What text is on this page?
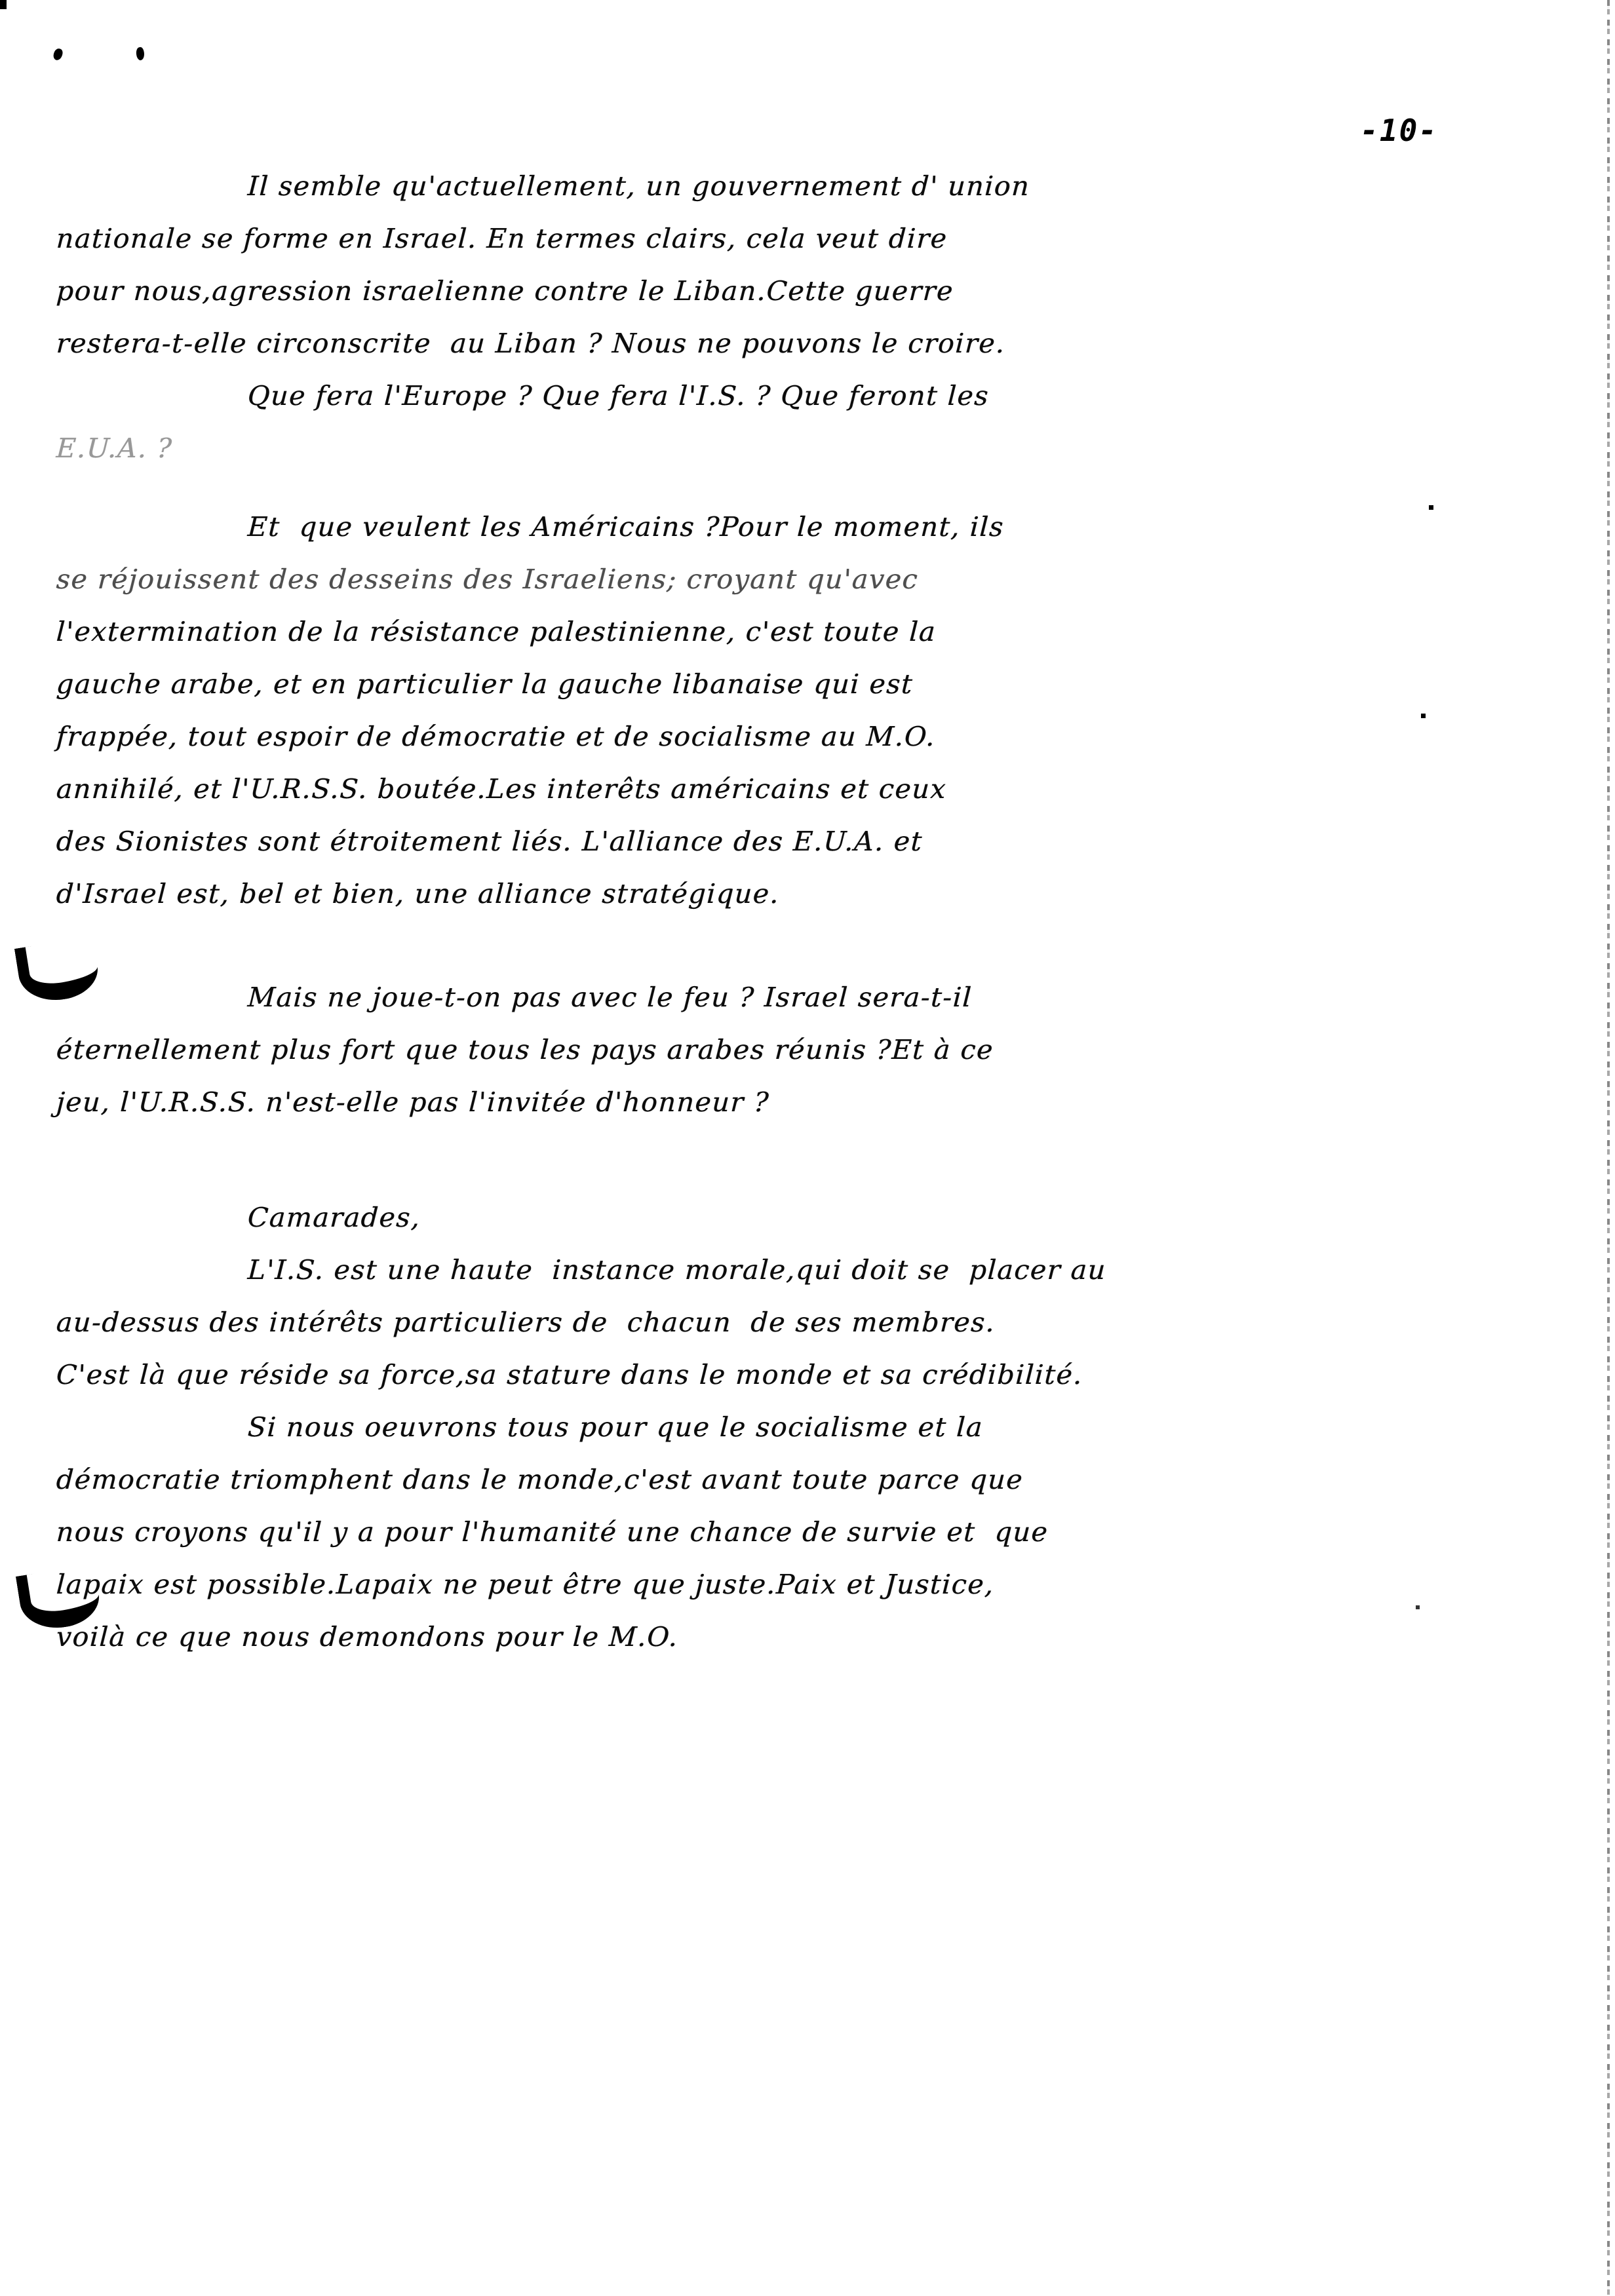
-10-
Il semble qu'actuellement, un gouvernement d' union
nationale se forme en Israel. En termes clairs, cela veut dire
pour nous,agression israelienne contre le Liban.Cette guerre
restera-t-elle circonscrite  au Liban ? Nous ne pouvons le croire.
Que fera l'Europe ? Que fera l'I.S. ? Que feront les
E.U.A. ?
Et  que veulent les Américains ?Pour le moment, ils
se réjouissent des desseins des Israeliens; croyant qu'avec
l'extermination de la résistance palestinienne, c'est toute la
gauche arabe, et en particulier la gauche libanaise qui est
frappée, tout espoir de démocratie et de socialisme au M.O.
annihilé, et l'U.R.S.S. boutée.Les interêts américains et ceux
des Sionistes sont étroitement liés. L'alliance des E.U.A. et
d'Israel est, bel et bien, une alliance stratégique.
Mais ne joue-t-on pas avec le feu ? Israel sera-t-il
éternellement plus fort que tous les pays arabes réunis ?Et à ce
jeu, l'U.R.S.S. n'est-elle pas l'invitée d'honneur ?
Camarades,
L'I.S. est une haute  instance morale,qui doit se  placer au
au-dessus des intérêts particuliers de  chacun  de ses membres.
C'est là que réside sa force,sa stature dans le monde et sa crédibilité.
Si nous oeuvrons tous pour que le socialisme et la
démocratie triomphent dans le monde,c'est avant toute parce que
nous croyons qu'il y a pour l'humanité une chance de survie et  que
lapaix est possible.Lapaix ne peut être que juste.Paix et Justice,
voilà ce que nous demondons pour le M.O.
